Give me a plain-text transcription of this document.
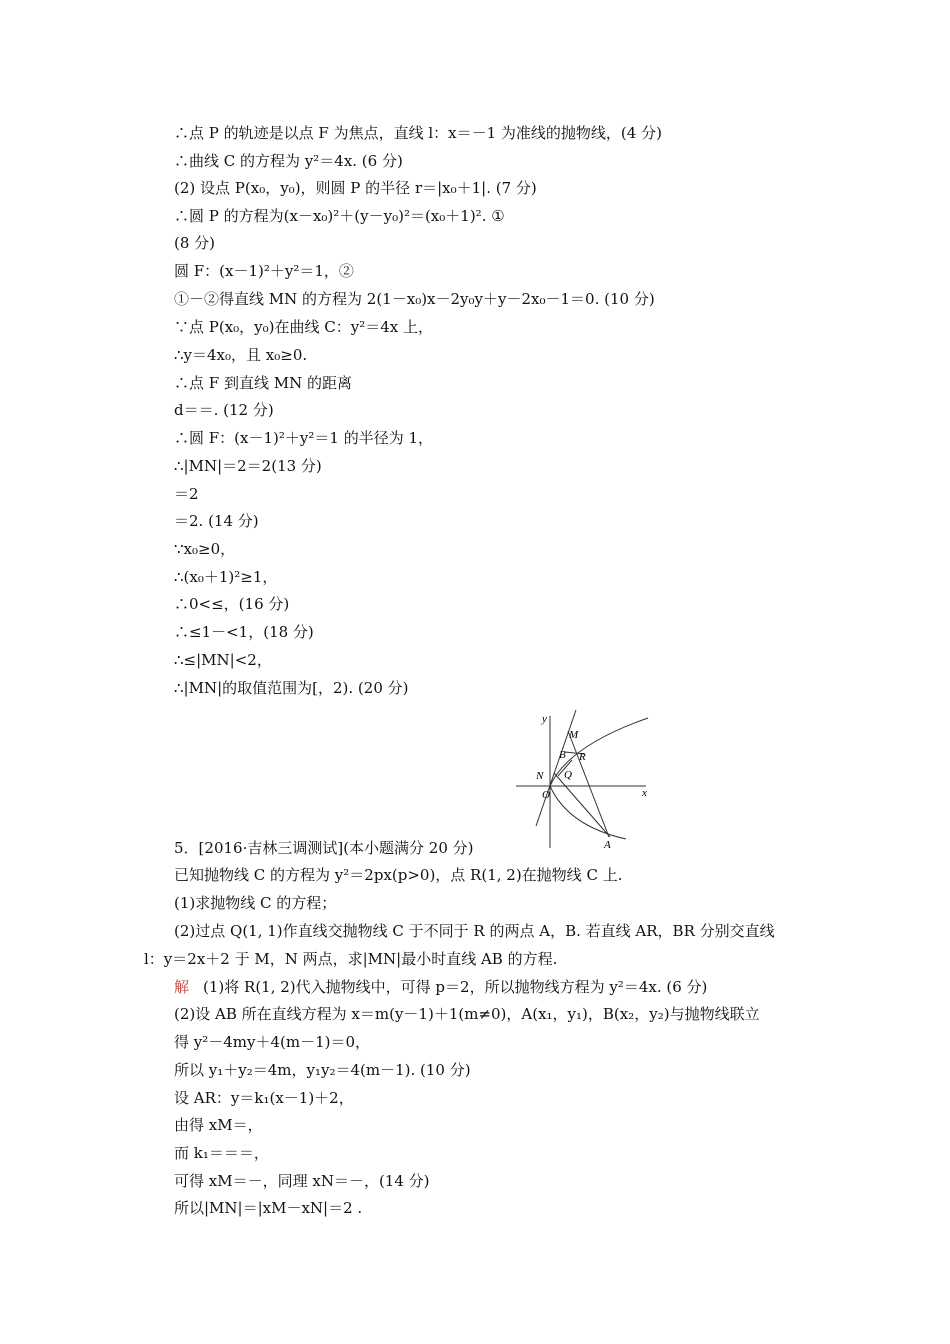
∴点 P 的轨迹是以点 F 为焦点，直线 l：x＝－1 为准线的抛物线，(4 分)
∴曲线 C 的方程为 y²＝4x. (6 分)
(2) 设点 P(x₀，y₀)，则圆 P 的半径 r＝|x₀＋1|. (7 分)
∴圆 P 的方程为(x－x₀)²＋(y－y₀)²＝(x₀＋1)². ①
(8 分)
圆 F：(x－1)²＋y²＝1，②
①－②得直线 MN 的方程为 2(1－x₀)x－2y₀y＋y－2x₀－1＝0. (10 分)
∵点 P(x₀，y₀)在曲线 C：y²＝4x 上，
∴y＝4x₀，且 x₀≥0.
∴点 F 到直线 MN 的距离
d＝＝. (12 分)
∴圆 F：(x－1)²＋y²＝1 的半径为 1，
∴|MN|＝2＝2(13 分)
＝2
＝2. (14 分)
∵x₀≥0，
∴(x₀＋1)²≥1，
∴0<≤，(16 分)
∴≤1－<1，(18 分)
∴≤|MN|<2，
∴|MN|的取值范围为[，2). (20 分)
y
x
O
M
B R
N Q
A
5．[2016·吉林三调测试](本小题满分 20 分)
已知抛物线 C 的方程为 y²＝2px(p>0)，点 R(1, 2)在抛物线 C 上.
(1)求抛物线 C 的方程；
(2)过点 Q(1, 1)作直线交抛物线 C 于不同于 R 的两点 A，B. 若直线 AR，BR 分别交直线
l：y＝2x＋2 于 M，N 两点，求|MN|最小时直线 AB 的方程.
解 (1)将 R(1, 2)代入抛物线中，可得 p＝2，所以抛物线方程为 y²＝4x. (6 分)
(2)设 AB 所在直线方程为 x＝m(y－1)＋1(m≠0)，A(x₁，y₁)，B(x₂，y₂)与抛物线联立
得 y²－4my＋4(m－1)＝0，
所以 y₁＋y₂＝4m，y₁y₂＝4(m－1). (10 分)
设 AR：y＝k₁(x－1)＋2，
由得 xM＝，
而 k₁＝＝＝，
可得 xM＝－，同理 xN＝－，(14 分)
所以|MN|＝|xM－xN|＝2 .
